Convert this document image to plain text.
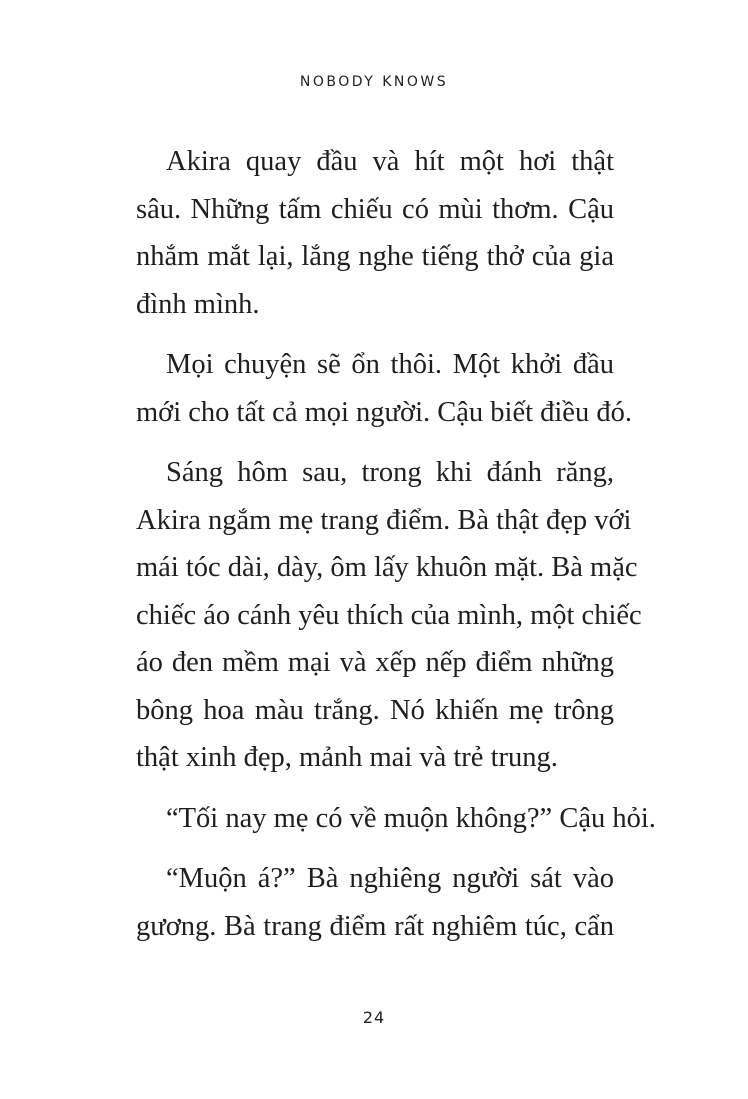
NOBODY KNOWS
Akira quay đầu và hít một hơi thật
sâu. Những tấm chiếu có mùi thơm. Cậu
nhắm mắt lại, lắng nghe tiếng thở của gia
đình mình.
Mọi chuyện sẽ ổn thôi. Một khởi đầu
mới cho tất cả mọi người. Cậu biết điều đó.
Sáng hôm sau, trong khi đánh răng,
Akira ngắm mẹ trang điểm. Bà thật đẹp với
mái tóc dài, dày, ôm lấy khuôn mặt. Bà mặc
chiếc áo cánh yêu thích của mình, một chiếc
áo đen mềm mại và xếp nếp điểm những
bông hoa màu trắng. Nó khiến mẹ trông
thật xinh đẹp, mảnh mai và trẻ trung.
“Tối nay mẹ có về muộn không?” Cậu hỏi.
“Muộn á?” Bà nghiêng người sát vào
gương. Bà trang điểm rất nghiêm túc, cẩn
24
